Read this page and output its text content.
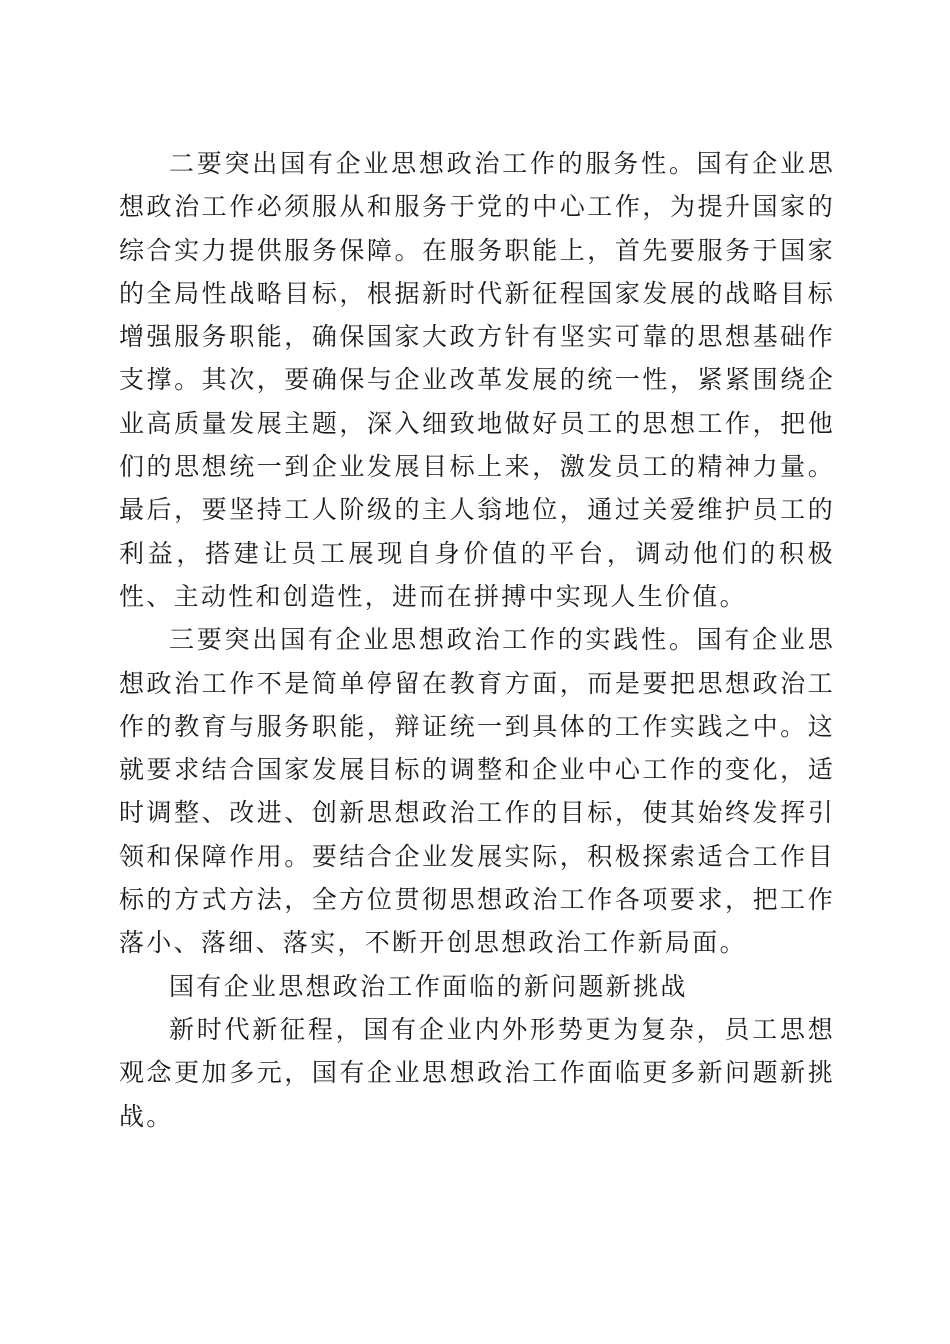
二要突出国有企业思想政治工作的服务性。国有企业思想政治工作必须服从和服务于党的中心工作，为提升国家的综合实力提供服务保障。在服务职能上，首先要服务于国家的全局性战略目标，根据新时代新征程国家发展的战略目标增强服务职能，确保国家大政方针有坚实可靠的思想基础作支撑。其次，要确保与企业改革发展的统一性，紧紧围绕企业高质量发展主题，深入细致地做好员工的思想工作，把他们的思想统一到企业发展目标上来，激发员工的精神力量。最后，要坚持工人阶级的主人翁地位，通过关爱维护员工的利益，搭建让员工展现自身价值的平台，调动他们的积极性、主动性和创造性，进而在拼搏中实现人生价值。

三要突出国有企业思想政治工作的实践性。国有企业思想政治工作不是简单停留在教育方面，而是要把思想政治工作的教育与服务职能，辩证统一到具体的工作实践之中。这就要求结合国家发展目标的调整和企业中心工作的变化，适时调整、改进、创新思想政治工作的目标，使其始终发挥引领和保障作用。要结合企业发展实际，积极探索适合工作目标的方式方法，全方位贯彻思想政治工作各项要求，把工作落小、落细、落实，不断开创思想政治工作新局面。

国有企业思想政治工作面临的新问题新挑战

新时代新征程，国有企业内外形势更为复杂，员工思想观念更加多元，国有企业思想政治工作面临更多新问题新挑战。
